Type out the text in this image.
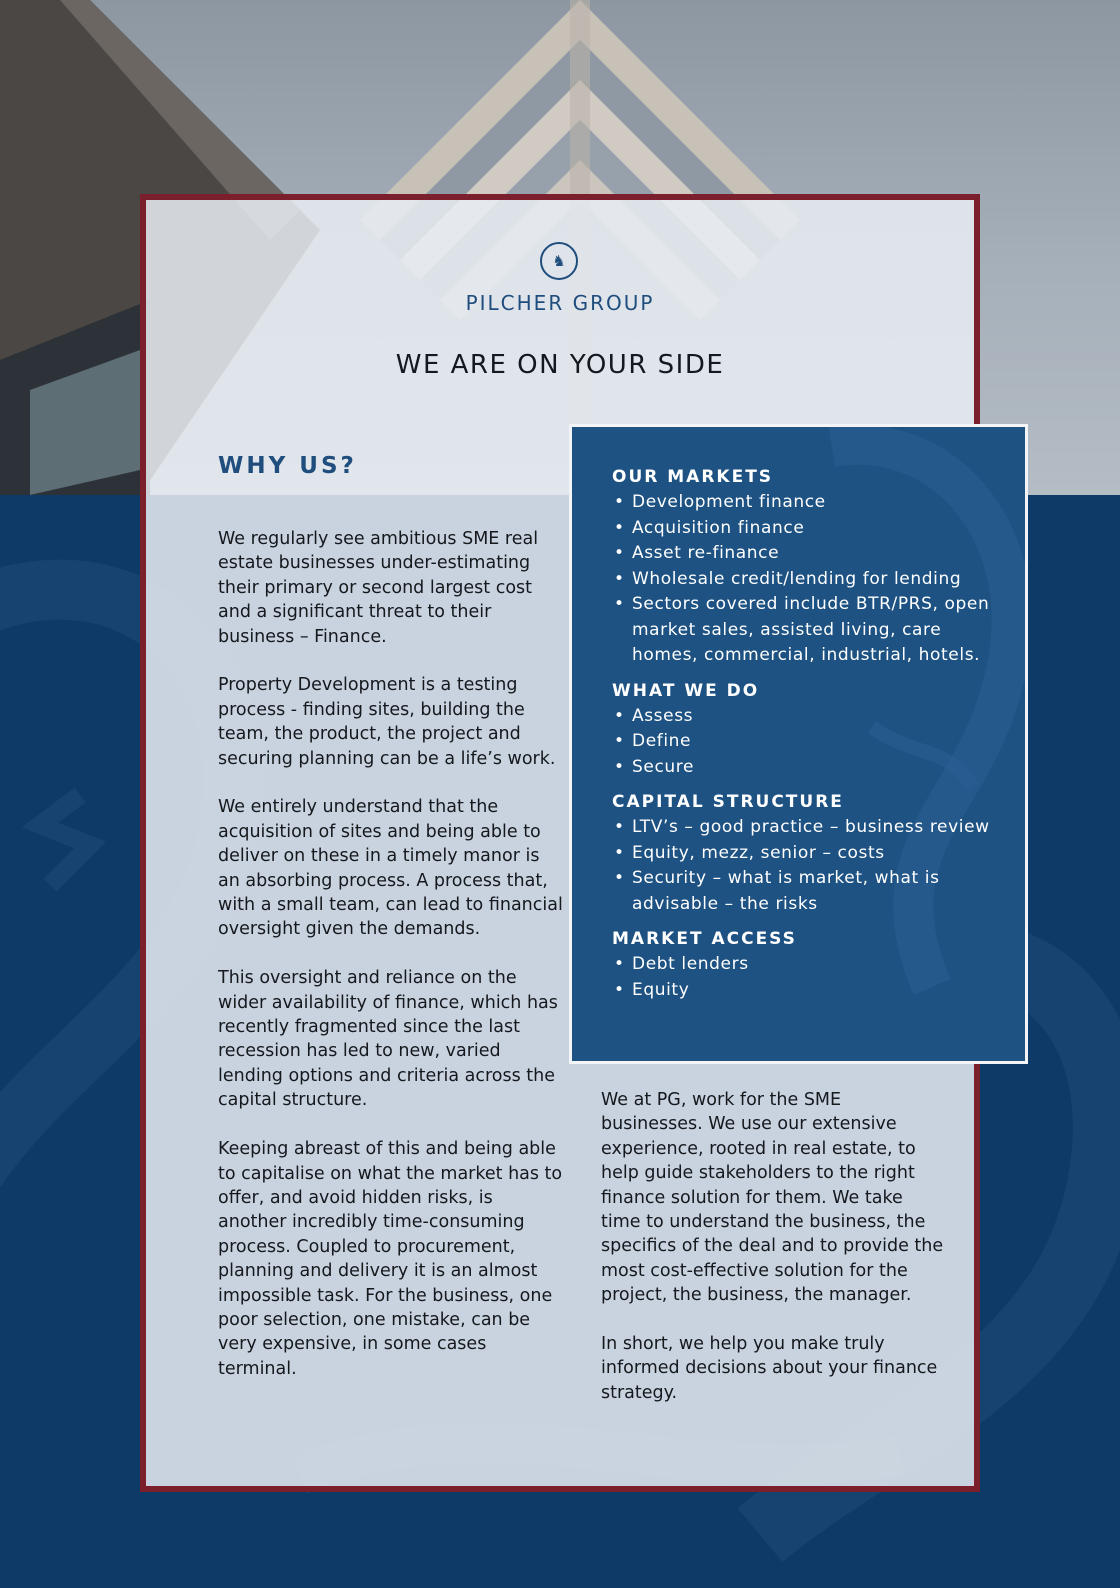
♞
PILCHER GROUP
WE ARE ON YOUR SIDE
WHY US?

We regularly see ambitious SME real estate businesses under-estimating their primary or second largest cost and a significant threat to their business – Finance.

Property Development is a testing process - finding sites, building the team, the product, the project and securing planning can be a life’s work.

We entirely understand that the acquisition of sites and being able to deliver on these in a timely manor is an absorbing process. A process that, with a small team, can lead to financial oversight given the demands.

This oversight and reliance on the wider availability of finance, which has recently fragmented since the last recession has led to new, varied lending options and criteria across the capital structure.

Keeping abreast of this and being able to capitalise on what the market has to offer, and avoid hidden risks, is another incredibly time-consuming process. Coupled to procurement, planning and delivery it is an almost impossible task. For the business, one poor selection, one mistake, can be very expensive, in some cases terminal.

OUR MARKETS
• Development finance
• Acquisition finance
• Asset re-finance
• Wholesale credit/lending for lending
• Sectors covered include BTR/PRS, open market sales, assisted living, care homes, commercial, industrial, hotels.
WHAT WE DO
• Assess
• Define
• Secure
CAPITAL STRUCTURE
• LTV’s – good practice – business review
• Equity, mezz, senior – costs
• Security – what is market, what is advisable – the risks
MARKET ACCESS
• Debt lenders
• Equity

We at PG, work for the SME businesses. We use our extensive experience, rooted in real estate, to help guide stakeholders to the right finance solution for them. We take time to understand the business, the specifics of the deal and to provide the most cost-effective solution for the project, the business, the manager.

In short, we help you make truly informed decisions about your finance strategy.
